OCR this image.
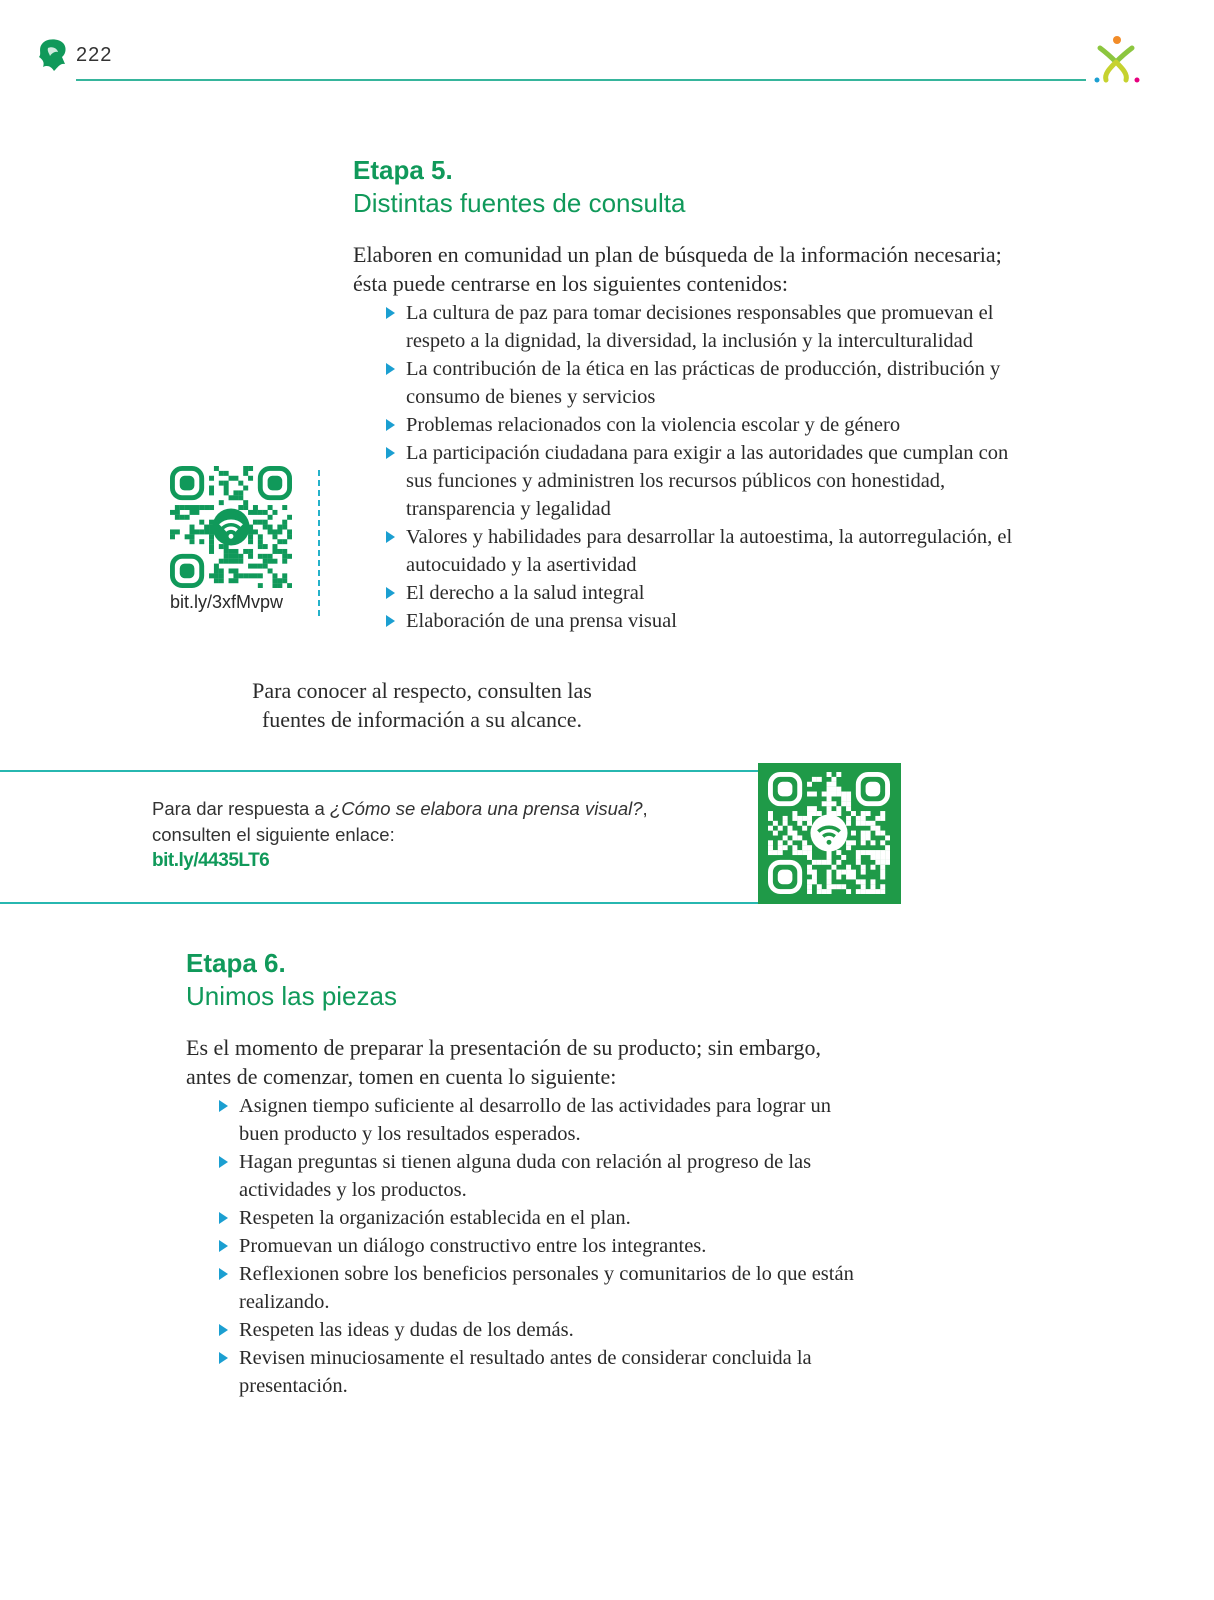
222
Etapa 5.
Distintas fuentes de consulta

Elaboren en comunidad un plan de búsqueda de la información necesaria; ésta puede centrarse en los siguientes contenidos:

La cultura de paz para tomar decisiones responsables que promuevan el respeto a la dignidad, la diversidad, la inclusión y la interculturalidad
La contribución de la ética en las prácticas de producción, distribución y consumo de bienes y servicios
Problemas relacionados con la violencia escolar y de género
La participación ciudadana para exigir a las autoridades que cumplan con sus funciones y administren los recursos públicos con honestidad, transparencia y legalidad
Valores y habilidades para desarrollar la autoestima, la autorregulación, el autocuidado y la asertividad
El derecho a la salud integral
Elaboración de una prensa visual
bit.ly/3xfMvpw

Para conocer al respecto, consulten las fuentes de información a su alcance.

Para dar respuesta a ¿Cómo se elabora una prensa visual?, consulten el siguiente enlace:
bit.ly/4435LT6
Etapa 6.
Unimos las piezas

Es el momento de preparar la presentación de su producto; sin embargo, antes de comenzar, tomen en cuenta lo siguiente:

Asignen tiempo suficiente al desarrollo de las actividades para lograr un buen producto y los resultados esperados.
Hagan preguntas si tienen alguna duda con relación al progreso de las actividades y los productos.
Respeten la organización establecida en el plan.
Promuevan un diálogo constructivo entre los integrantes.
Reflexionen sobre los beneficios personales y comunitarios de lo que están realizando.
Respeten las ideas y dudas de los demás.
Revisen minuciosamente el resultado antes de considerar concluida la presentación.
